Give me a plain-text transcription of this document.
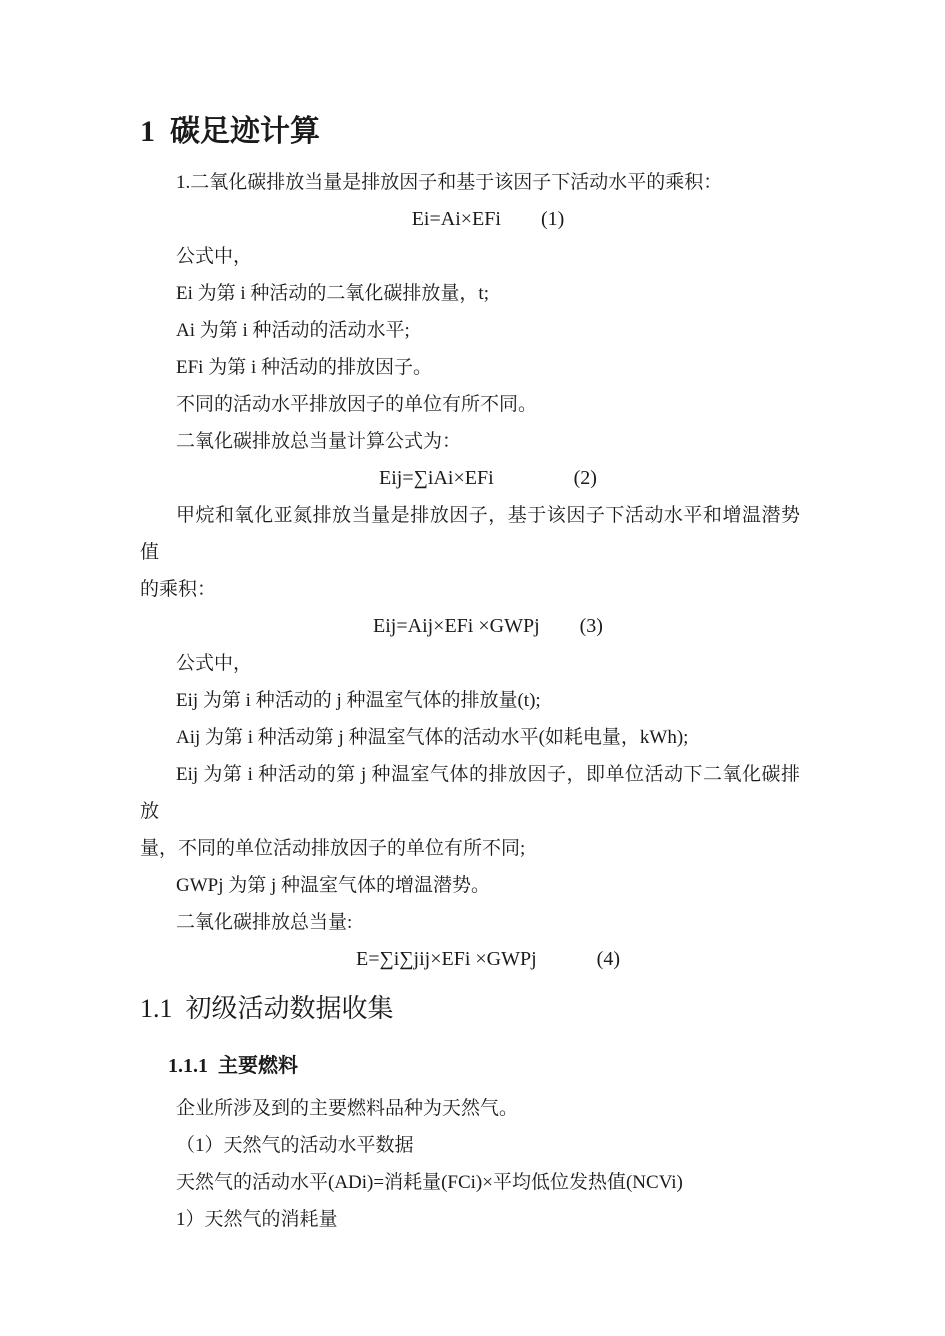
1  碳足迹计算

1.二氧化碳排放当量是排放因子和基于该因子下活动水平的乘积：

Ei=Ai×EFi　　(1)

公式中，

Ei 为第 i 种活动的二氧化碳排放量，t;

Ai 为第 i 种活动的活动水平;

EFi 为第 i 种活动的排放因子。

不同的活动水平排放因子的单位有所不同。

二氧化碳排放总当量计算公式为：

Eij=∑iAi×EFi　　　　(2)

甲烷和氧化亚氮排放当量是排放因子，基于该因子下活动水平和增温潜势值

的乘积：

Eij=Aij×EFi ×GWPj　　(3)

公式中，

Eij 为第 i 种活动的 j 种温室气体的排放量(t);

Aij 为第 i 种活动第 j 种温室气体的活动水平(如耗电量，kWh);

Eij 为第 i 种活动的第 j 种温室气体的排放因子，即单位活动下二氧化碳排放

量，不同的单位活动排放因子的单位有所不同;

GWPj 为第 j 种温室气体的增温潜势。

二氧化碳排放总当量:

E=∑i∑jij×EFi ×GWPj　　　(4)

1.1  初级活动数据收集
1.1.1  主要燃料

企业所涉及到的主要燃料品种为天然气。

（1）天然气的活动水平数据

天然气的活动水平(ADi)=消耗量(FCi)×平均低位发热值(NCVi)

1）天然气的消耗量
